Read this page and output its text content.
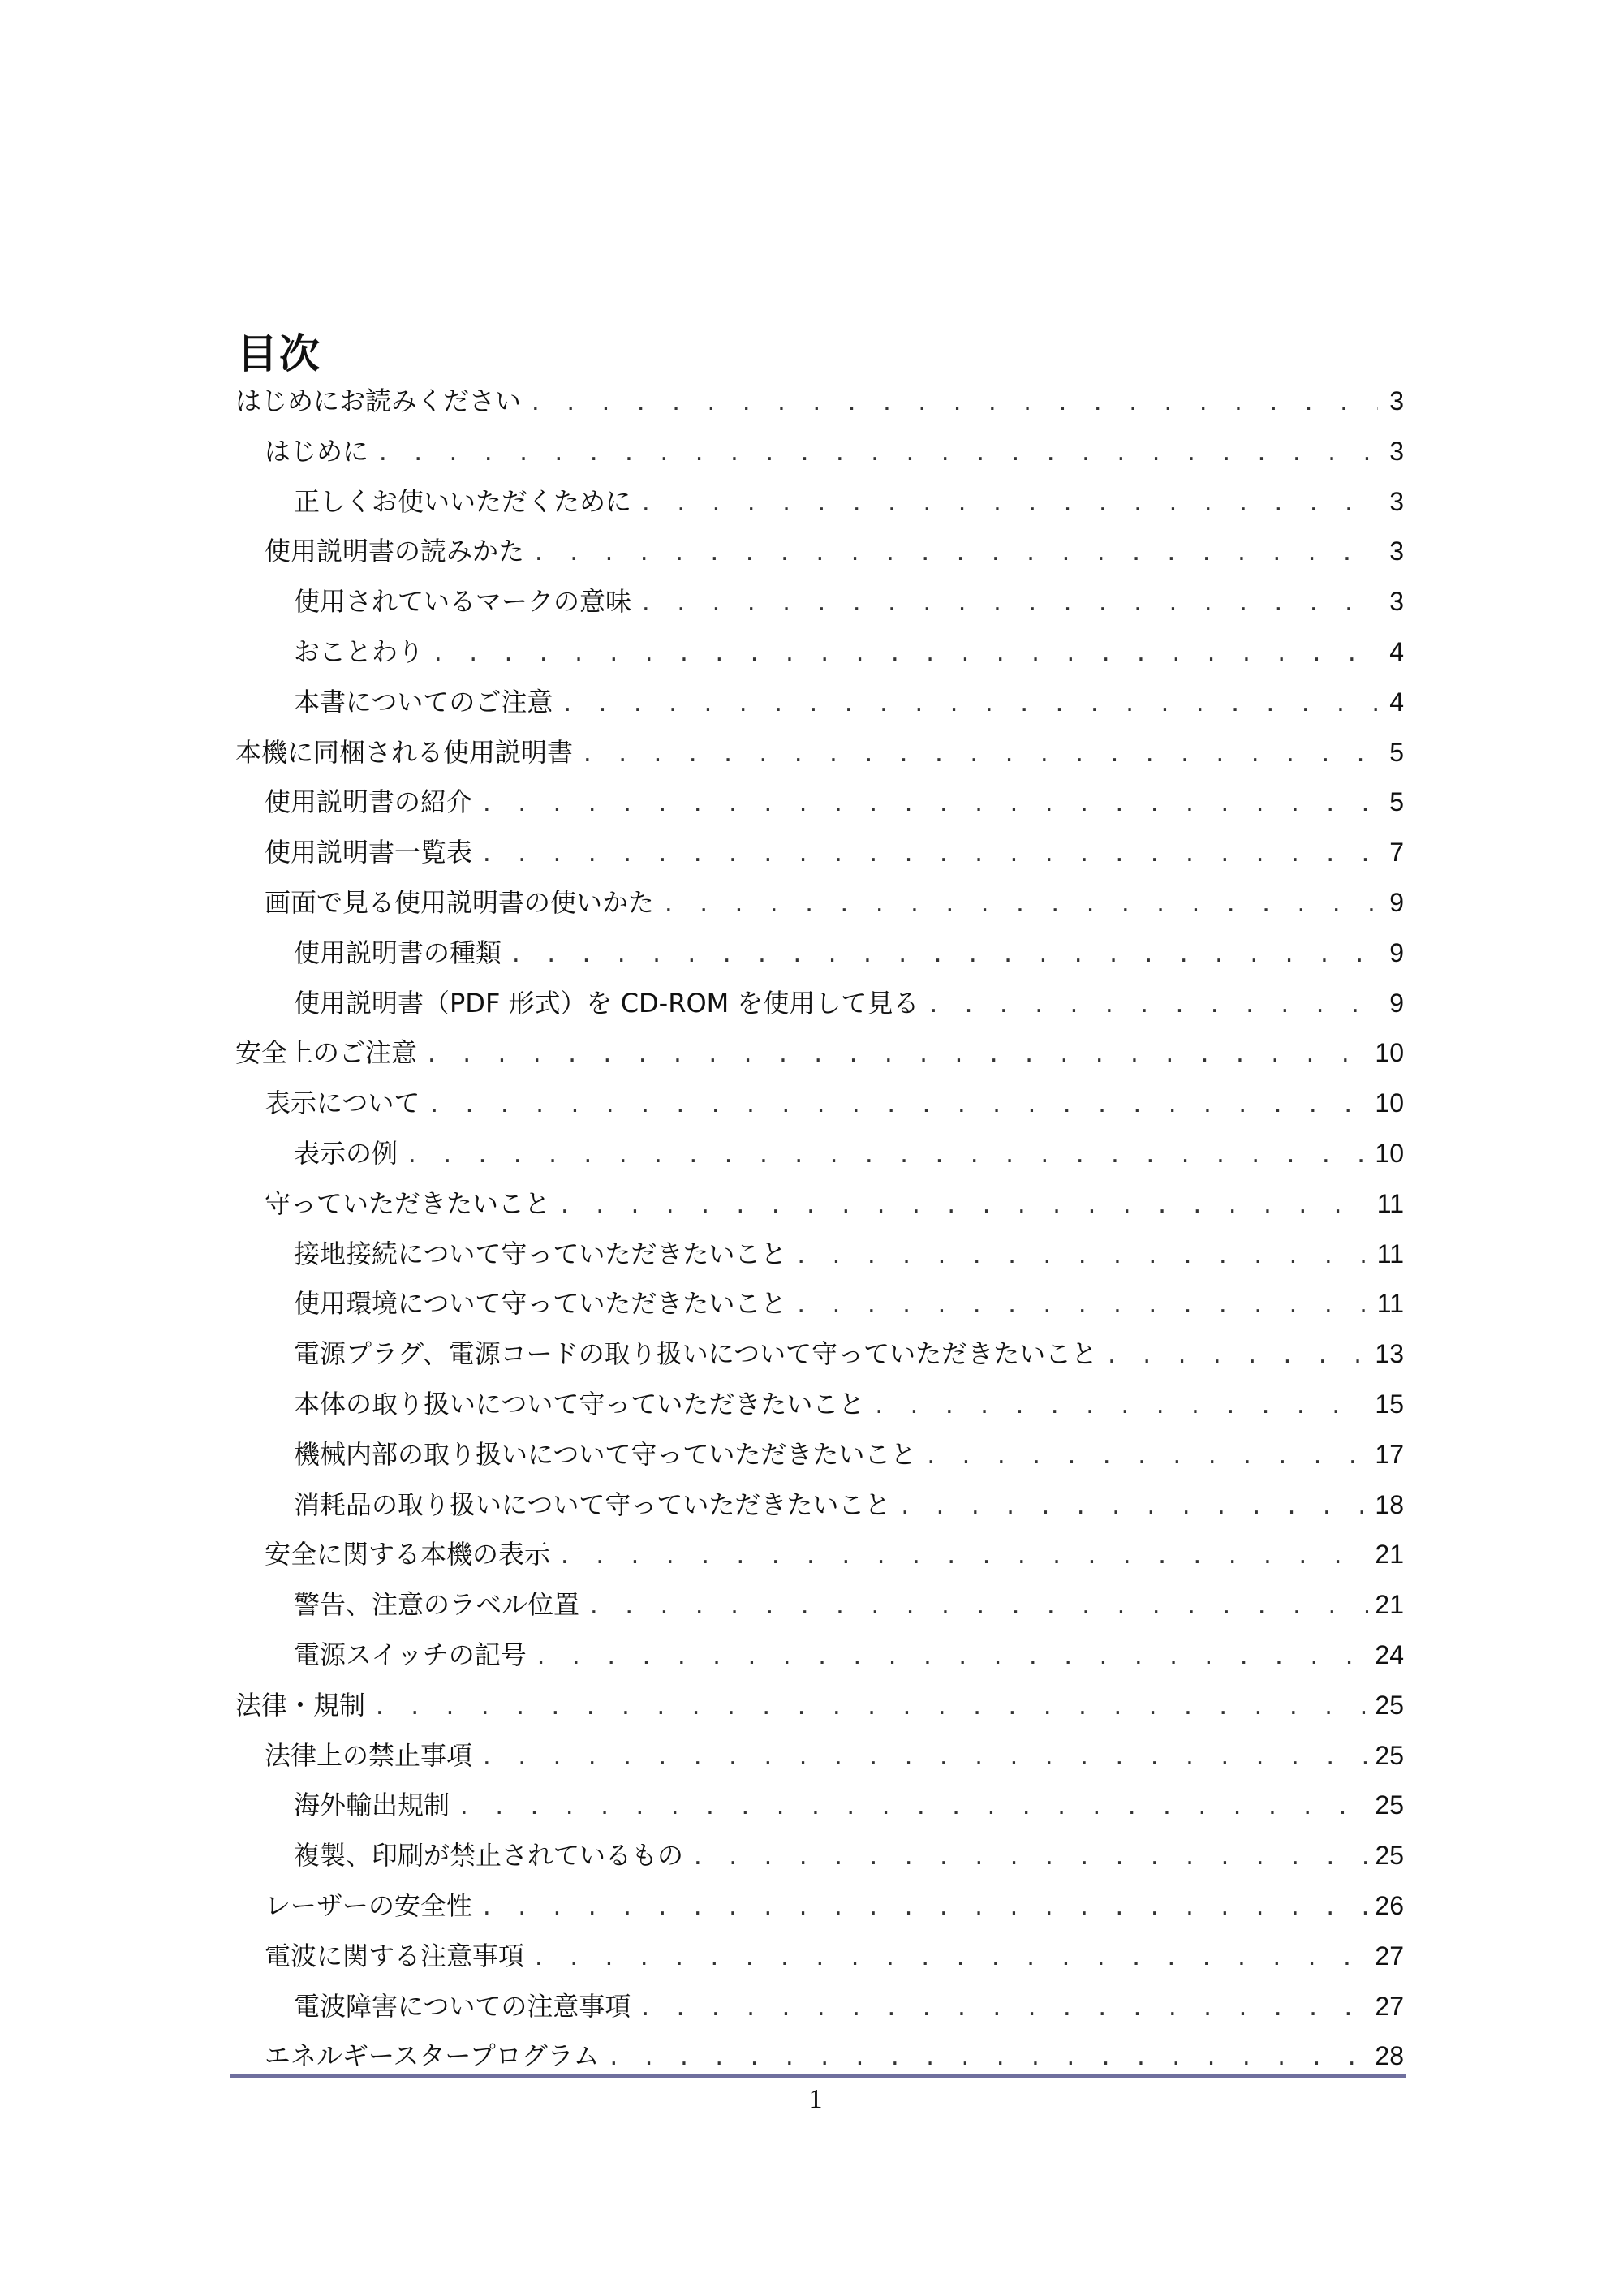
目次
はじめにお読みください . . .	3
はじめに . . .	3
正しくお使いいただくために . . .	3
使用説明書の読みかた . . .	3
使用されているマークの意味 . . .	3
おことわり . . .	4
本書についてのご注意 . . .	4
本機に同梱される使用説明書 . . .	5
使用説明書の紹介 . . .	5
使用説明書一覧表 . . .	7
画面で見る使用説明書の使いかた . . .	9
使用説明書の種類 . . .	9
使用説明書（PDF 形式）を CD-ROM を使用して見る . . .	9
安全上のご注意 . . .	10
表示について . . .	10
表示の例 . . .	10
守っていただきたいこと . . .	11
接地接続について守っていただきたいこと . . .	11
使用環境について守っていただきたいこと . . .	11
電源プラグ、電源コードの取り扱いについて守っていただきたいこと . . .	13
本体の取り扱いについて守っていただきたいこと . . .	15
機械内部の取り扱いについて守っていただきたいこと . . .	17
消耗品の取り扱いについて守っていただきたいこと . . .	18
安全に関する本機の表示 . . .	21
警告、注意のラベル位置 . . .	21
電源スイッチの記号 . . .	24
法律・規制 . . .	25
法律上の禁止事項 . . .	25
海外輸出規制 . . .	25
複製、印刷が禁止されているもの . . .	25
レーザーの安全性 . . .	26
電波に関する注意事項 . . .	27
電波障害についての注意事項 . . .	27
エネルギースタープログラム . . .	28
1
